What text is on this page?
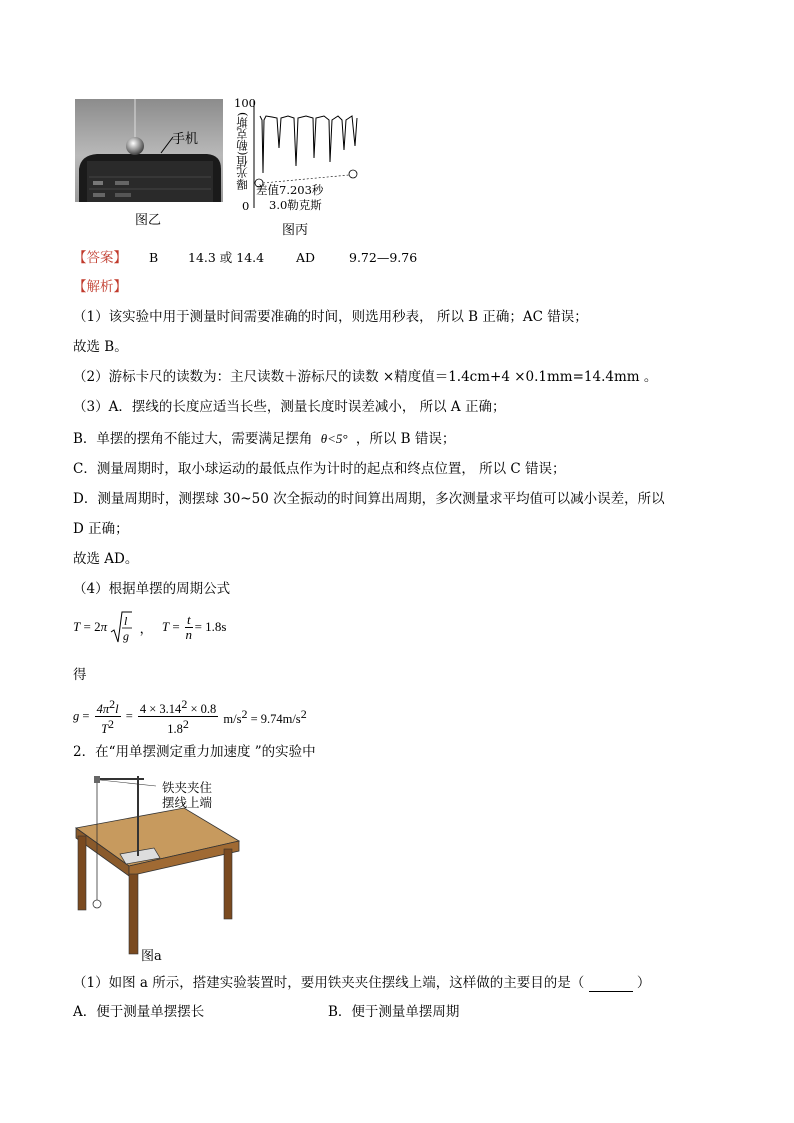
手机
图乙
曝光值(勒克斯)
100
0
差值7.203秒
3.0勒克斯
图丙
【答案】 B 14.3 或 14.4	AD	9.72—9.76
【解析】
（1）该实验中用于测量时间需要准确的时间，则选用秒表， 所以 B 正确；AC 错误；
故选 B。
（2）游标卡尺的读数为：主尺读数＋游标尺的读数 ×精度值＝1.4cm+4 ×0.1mm=14.4mm 。
（3）A．摆线的长度应适当长些，测量长度时误差减小， 所以 A 正确；
B．单摆的摆角不能过大，需要满足摆角 θ<5° ，所以 B 错误；
C．测量周期时，取小球运动的最低点作为计时的起点和终点位置， 所以 C 错误；
D．测量周期时，测摆球 30~50 次全振动的时间算出周期，多次测量求平均值可以减小误差，所以
D 正确；
故选 AD。
（4）根据单摆的周期公式
T = 2π l
g
， $T = \frac{t}{n} = 1.8s$
得
$g = \frac{4\pi^2l}{T^2} = \frac{4 \times 3.14^2 \times 0.8}{1.8^2} m/s^2 = 9.74m/s^2$
2．在“用单摆测定重力加速度 ”的实验中
铁夹夹住
摆线上端
图a
（1）如图 a 所示，搭建实验装置时，要用铁夹夹住摆线上端，这样做的主要目的是（	）
A．便于测量单摆摆长	B．便于测量单摆周期
